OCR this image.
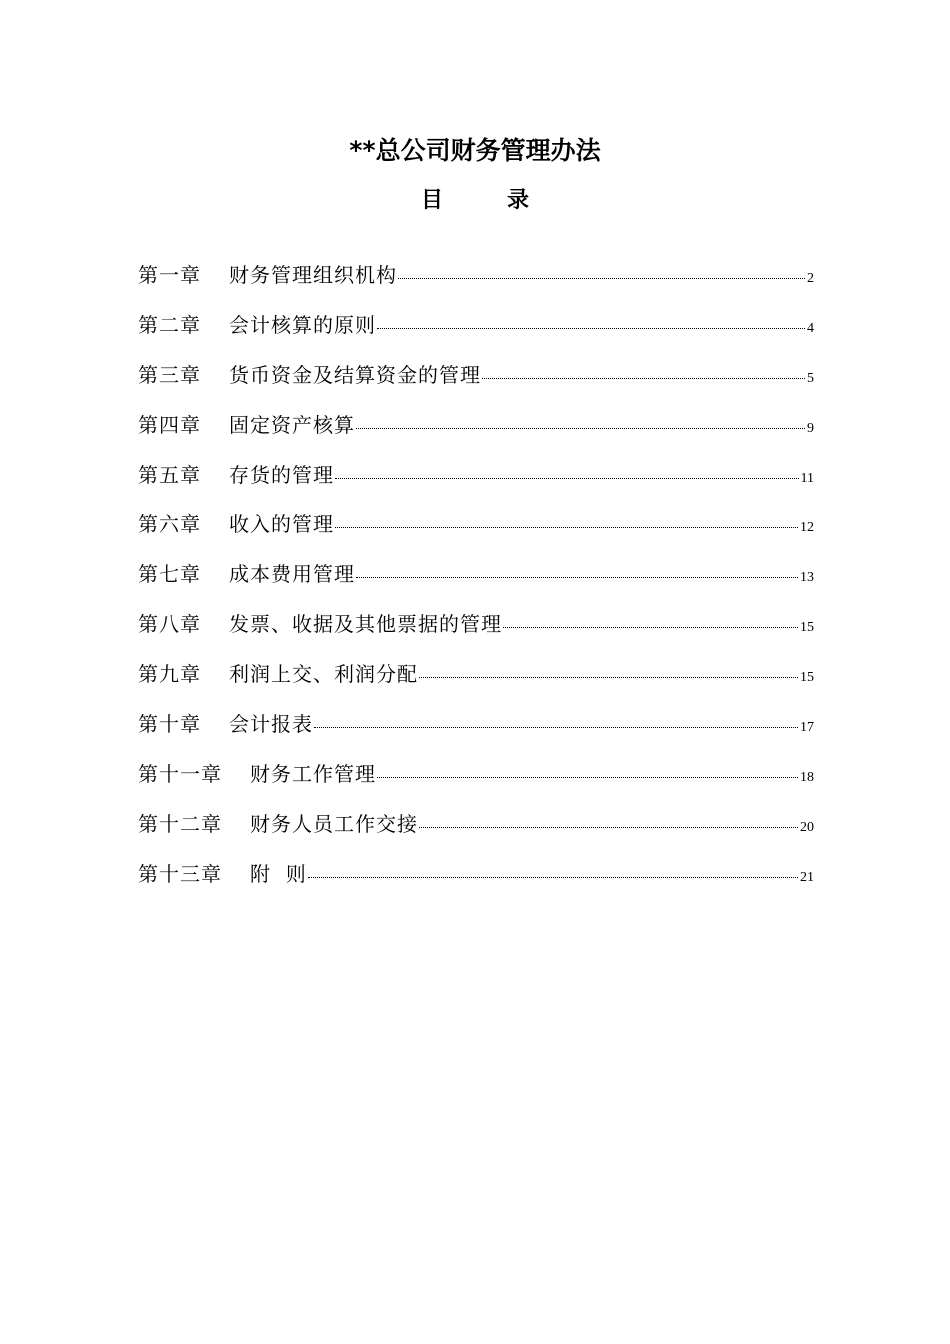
**总公司财务管理办法
目	录
第一章 财务管理组织机构	2
第二章 会计核算的原则	4
第三章 货币资金及结算资金的管理	5
第四章 固定资产核算	9
第五章 存货的管理	11
第六章 收入的管理	12
第七章 成本费用管理	13
第八章 发票、收据及其他票据的管理	15
第九章 利润上交、利润分配	15
第十章 会计报表	17
第十一章 财务工作管理	18
第十二章 财务人员工作交接	20
第十三章 附  则	21
